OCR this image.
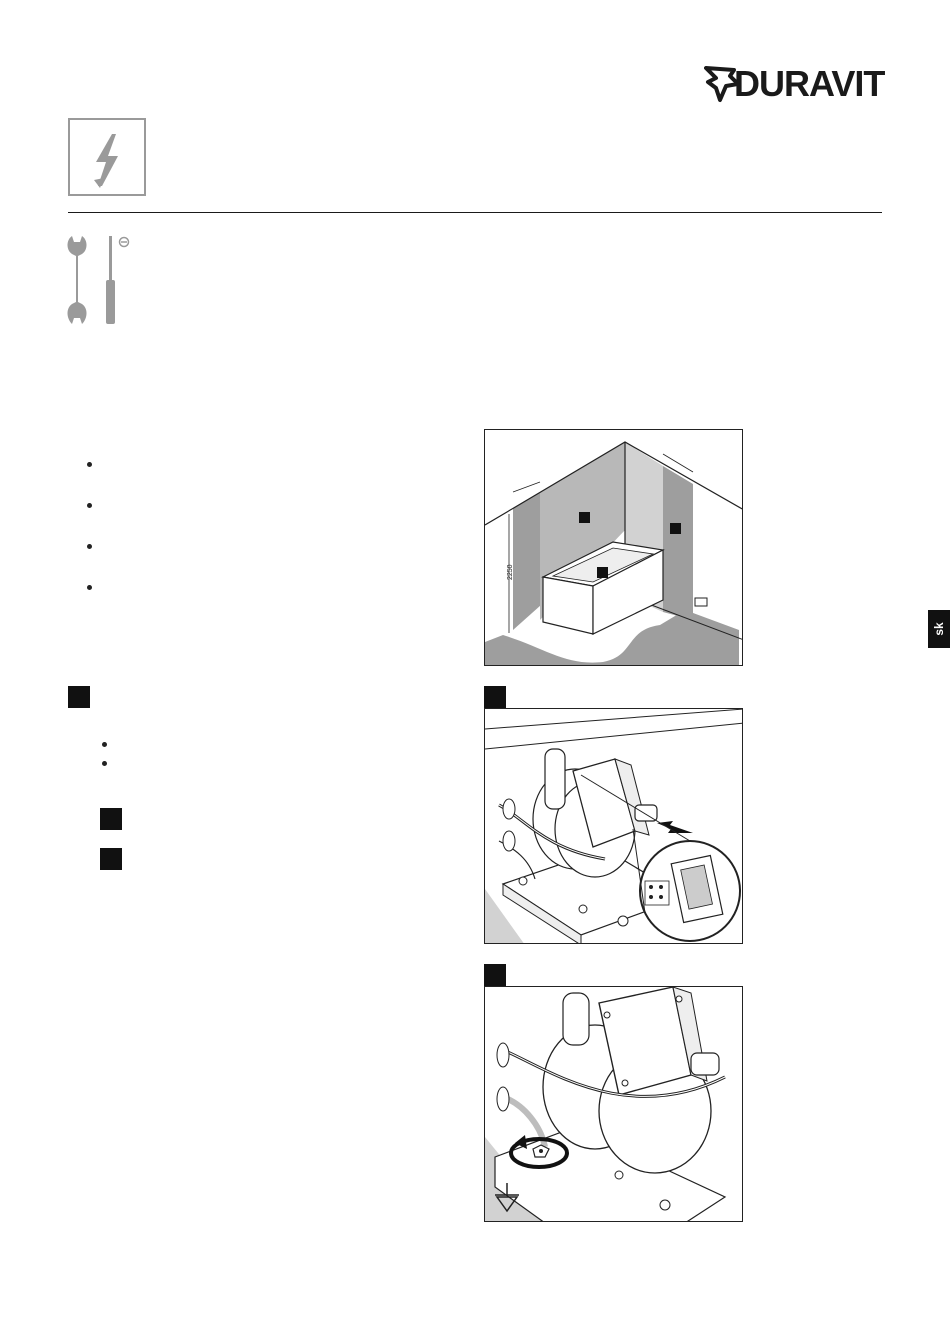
DURAVIT
2250
sk
